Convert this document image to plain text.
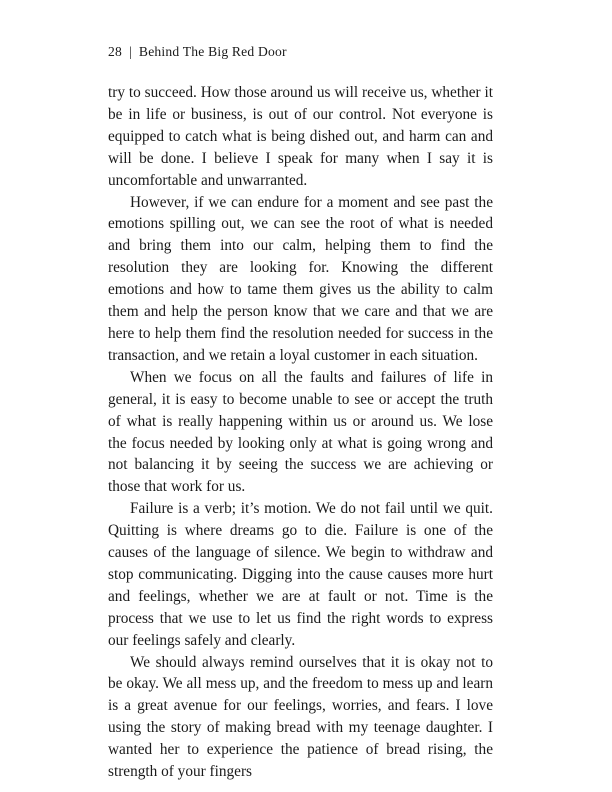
28 | Behind The Big Red Door

try to succeed. How those around us will receive us, whether it be in life or business, is out of our control. Not everyone is equipped to catch what is being dished out, and harm can and will be done. I believe I speak for many when I say it is uncomfortable and unwarranted.

However, if we can endure for a moment and see past the emotions spilling out, we can see the root of what is needed and bring them into our calm, helping them to find the resolution they are looking for. Knowing the different emotions and how to tame them gives us the ability to calm them and help the person know that we care and that we are here to help them find the resolution needed for success in the transaction, and we retain a loyal customer in each situation.

When we focus on all the faults and failures of life in general, it is easy to become unable to see or accept the truth of what is really happening within us or around us. We lose the focus needed by looking only at what is going wrong and not balancing it by seeing the success we are achieving or those that work for us.

Failure is a verb; it’s motion. We do not fail until we quit. Quitting is where dreams go to die. Failure is one of the causes of the language of silence. We begin to withdraw and stop communicating. Digging into the cause causes more hurt and feelings, whether we are at fault or not. Time is the process that we use to let us find the right words to express our feelings safely and clearly.

We should always remind ourselves that it is okay not to be okay. We all mess up, and the freedom to mess up and learn is a great avenue for our feelings, worries, and fears. I love using the story of making bread with my teenage daughter. I wanted her to experience the patience of bread rising, the strength of your fingers
